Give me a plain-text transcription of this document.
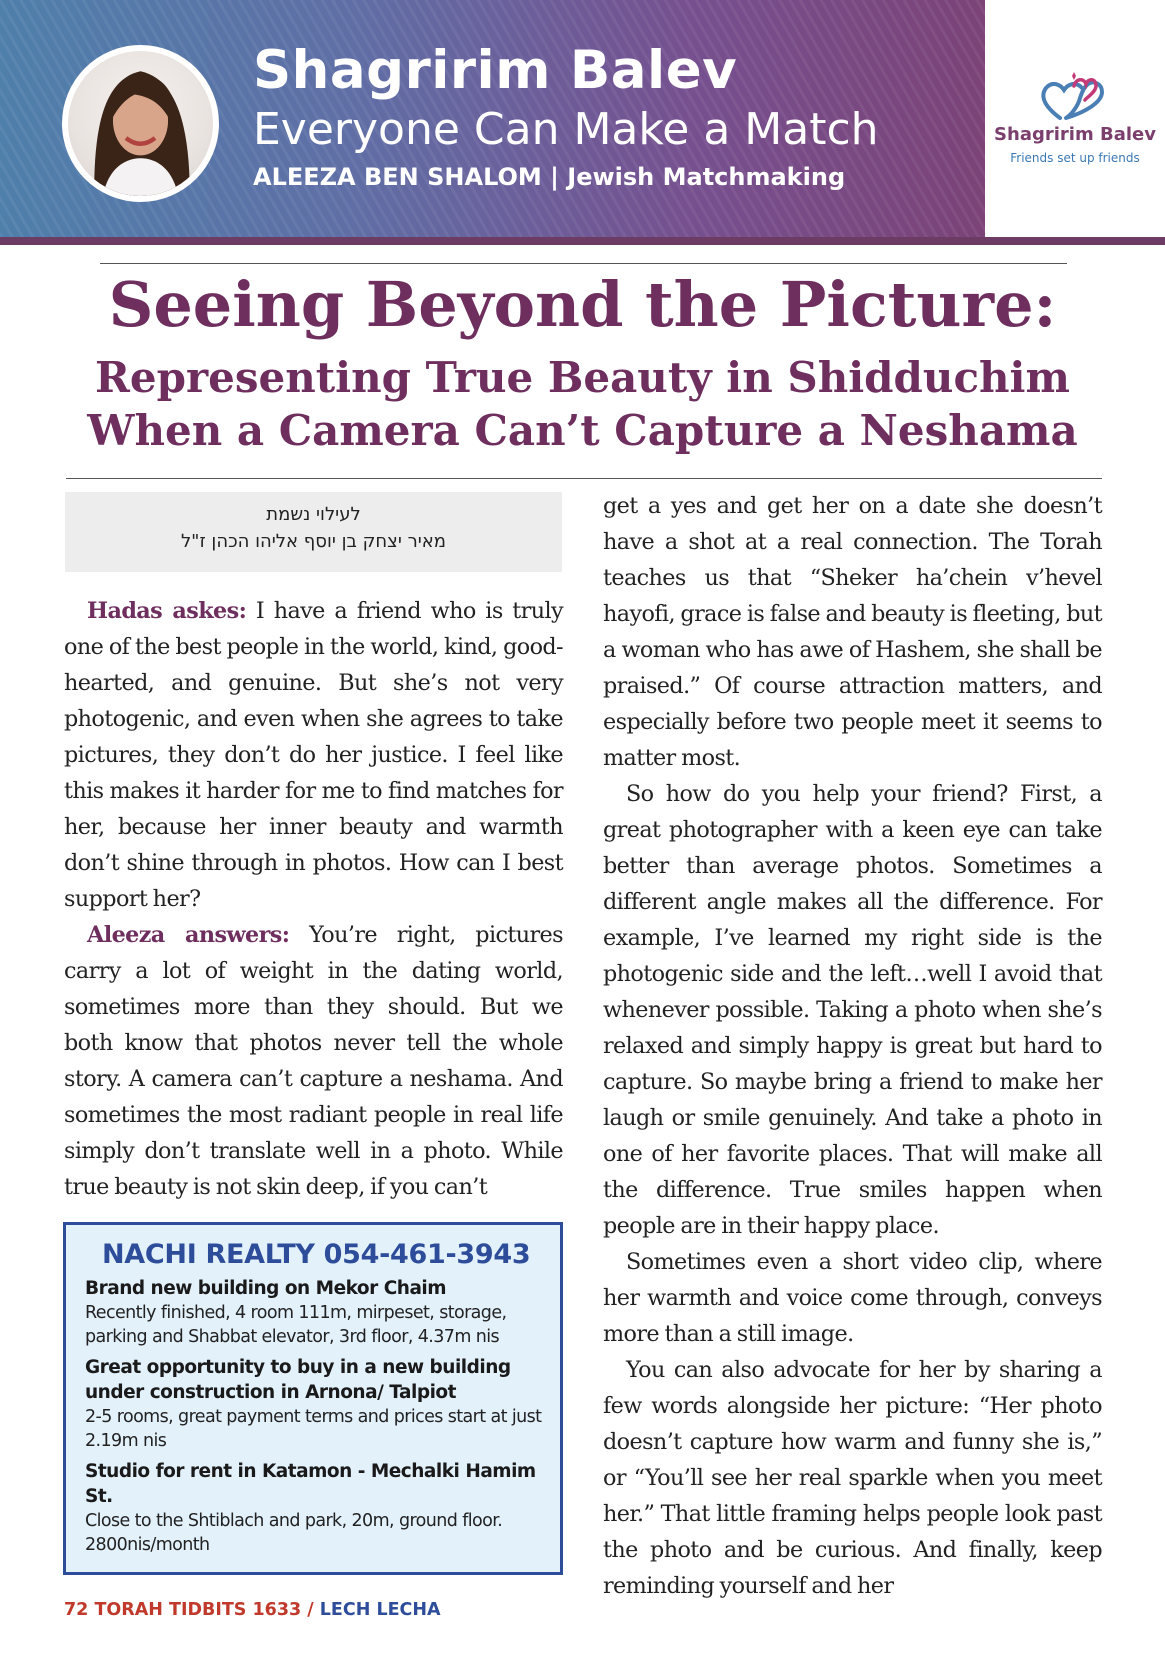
Shagririm Balev
Everyone Can Make a Match
ALEEZA BEN SHALOM | Jewish Matchmaking
Shagririm Balev
Friends set up friends
Seeing Beyond the Picture:
Representing True Beauty in Shidduchim
When a Camera Can’t Capture a Neshama
לעילוי נשמת
מאיר יצחק בן יוסף אליהו הכהן ז"ל

Hadas askes: I have a friend who is truly one of the best people in the world, kind, good-hearted, and genuine. But she’s not very photogenic, and even when she agrees to take pictures, they don’t do her justice. I feel like this makes it harder for me to find matches for her, because her inner beauty and warmth don’t shine through in photos. How can I best support her?

Aleeza answers: You’re right, pictures carry a lot of weight in the dating world, sometimes more than they should. But we both know that photos never tell the whole story. A camera can’t capture a neshama. And sometimes the most radiant people in real life simply don’t translate well in a photo. While true beauty is not skin deep, if you can’t

NACHI REALTY 054-461-3943
Brand new building on Mekor Chaim
Recently finished, 4 room 111m, mirpeset, storage, parking and Shabbat elevator, 3rd floor, 4.37m nis
Great opportunity to buy in a new building under construction in Arnona/ Talpiot
2-5 rooms, great payment terms and prices start at just 2.19m nis
Studio for rent in Katamon - Mechalki Hamim St.
Close to the Shtiblach and park, 20m, ground floor. 2800nis/month

get a yes and get her on a date she doesn’t have a shot at a real connection. The Torah teaches us that “Sheker ha’chein v’hevel hayofi, grace is false and beauty is fleeting, but a woman who has awe of Hashem, she shall be praised.” Of course attraction matters, and especially before two people meet it seems to matter most.

So how do you help your friend? First, a great photographer with a keen eye can take better than average photos. Sometimes a different angle makes all the difference. For example, I’ve learned my right side is the photogenic side and the left…well I avoid that whenever possible. Taking a photo when she’s relaxed and simply happy is great but hard to capture. So maybe bring a friend to make her laugh or smile genuinely. And take a photo in one of her favorite places. That will make all the difference. True smiles happen when people are in their happy place.

Sometimes even a short video clip, where her warmth and voice come through, conveys more than a still image.

You can also advocate for her by sharing a few words alongside her picture: “Her photo doesn’t capture how warm and funny she is,” or “You’ll see her real sparkle when you meet her.” That little framing helps people look past the photo and be curious. And finally, keep reminding yourself and her

72 TORAH TIDBITS 1633 / LECH LECHA
